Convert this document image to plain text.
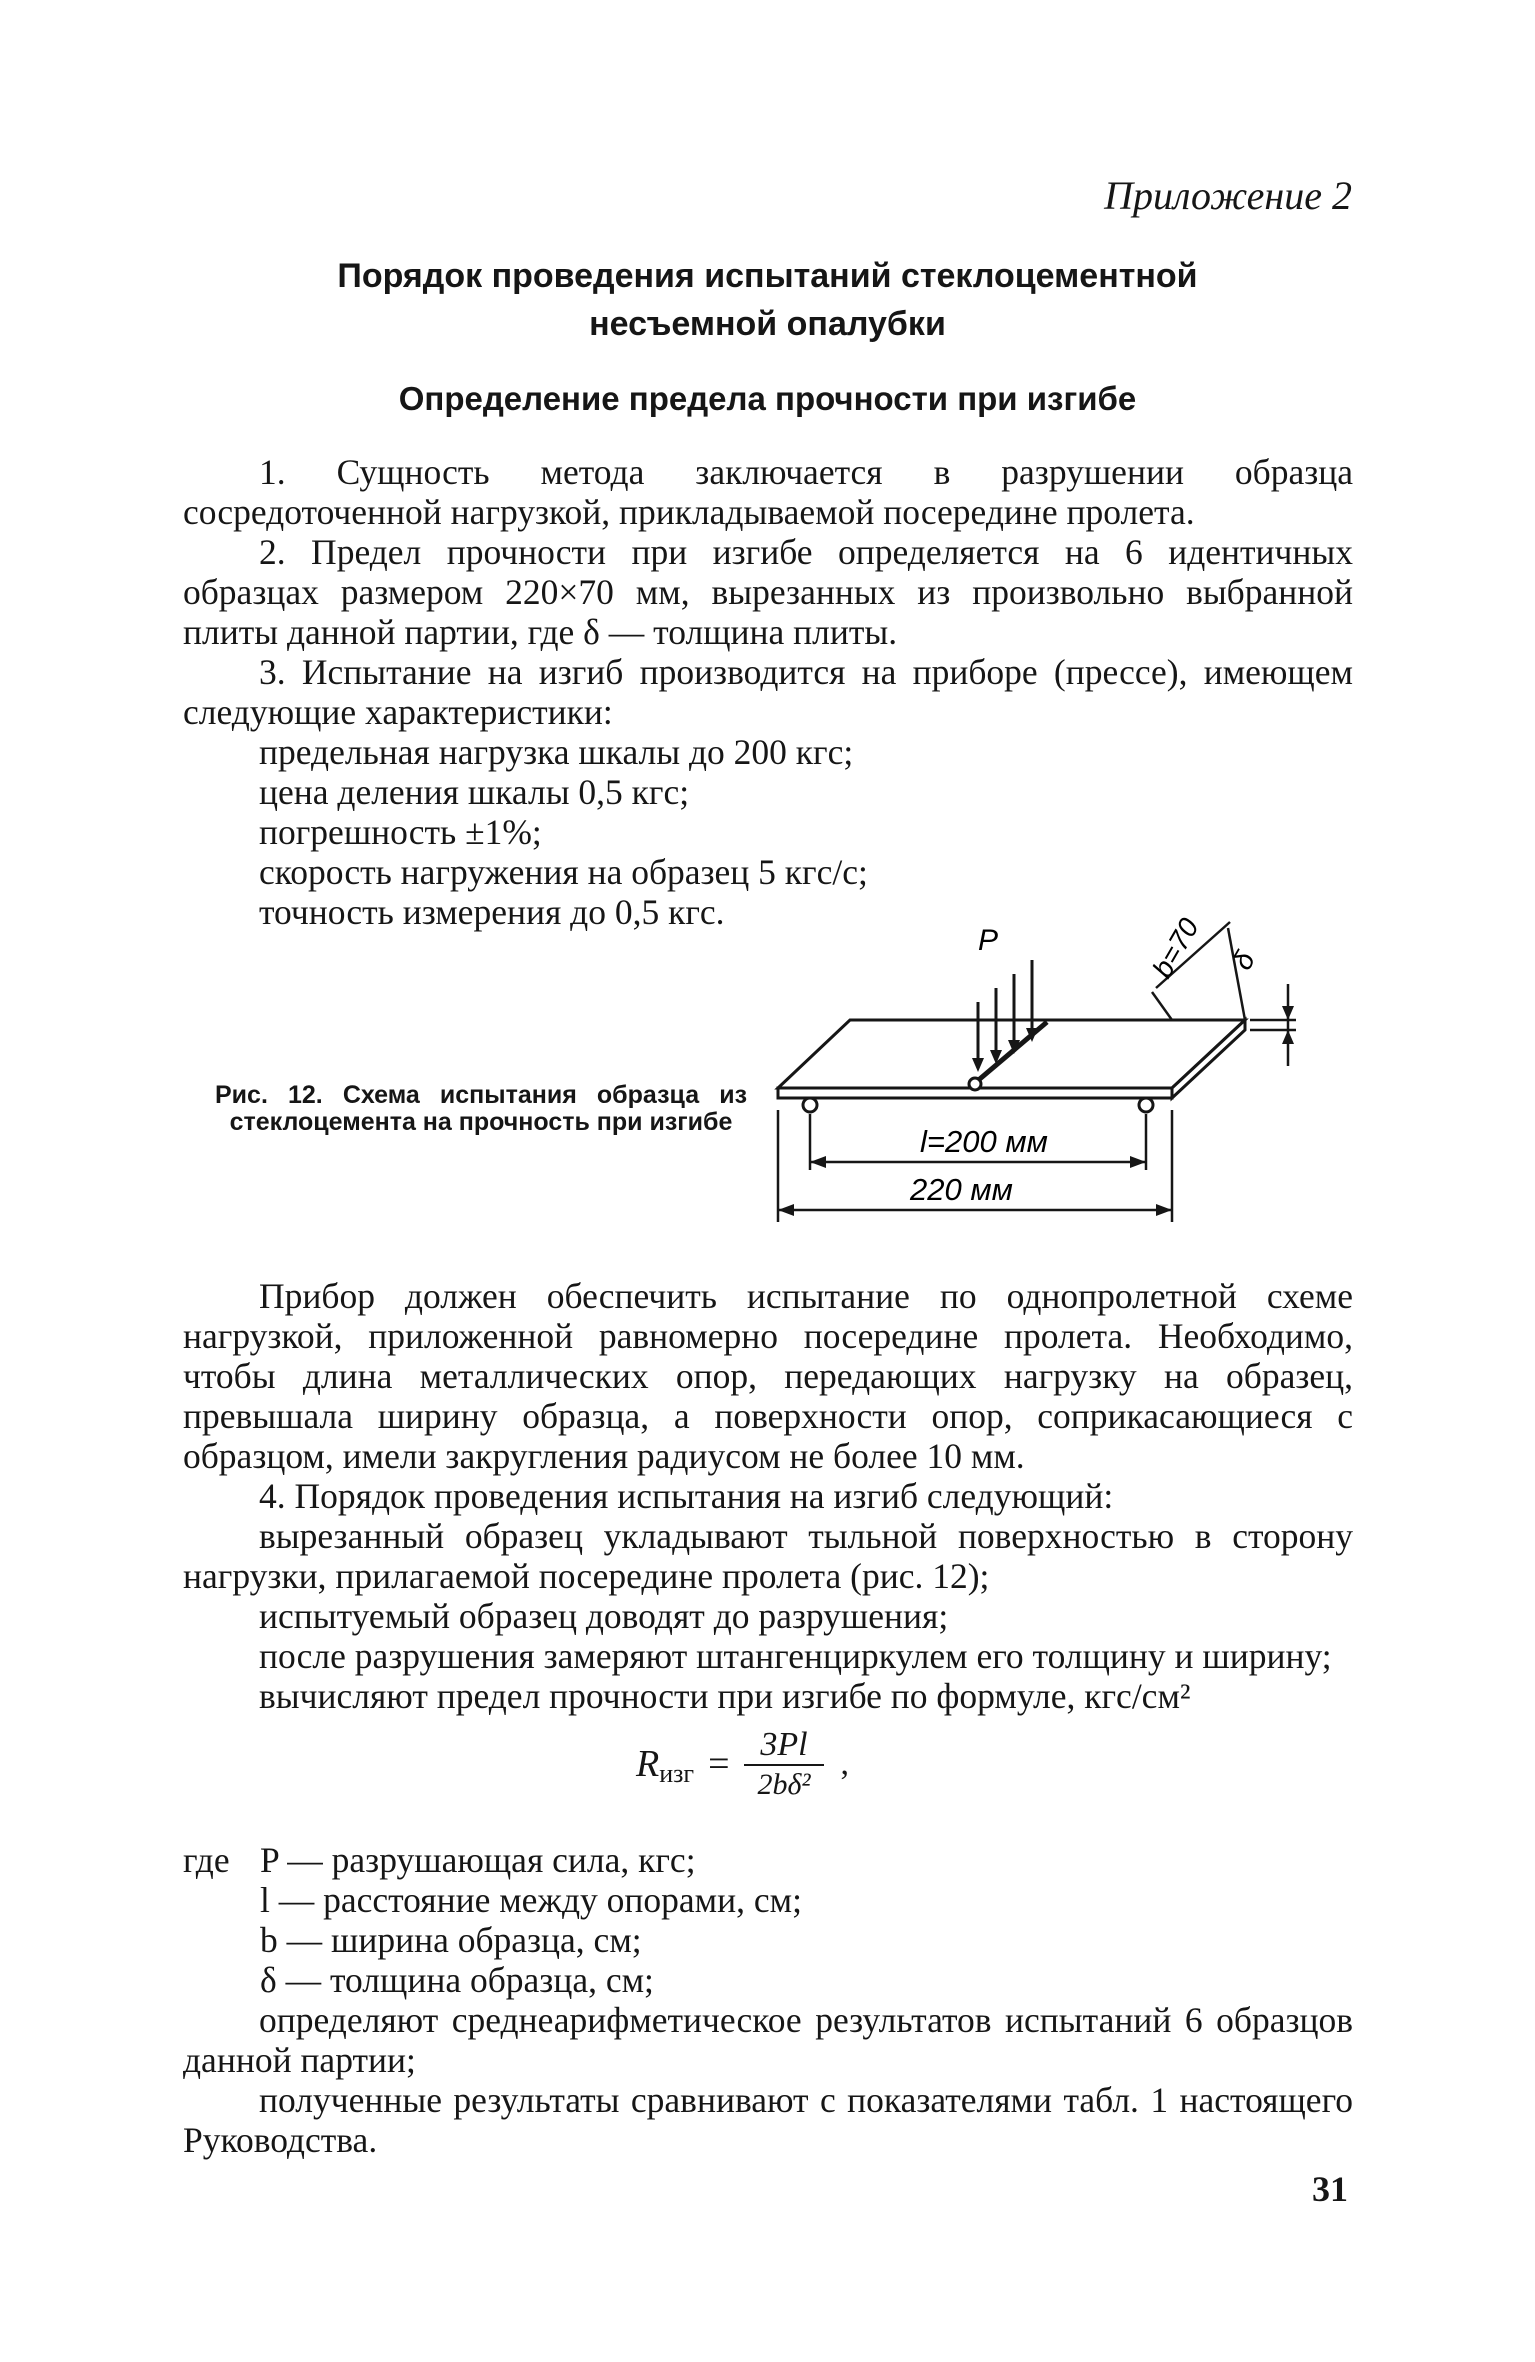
Приложение 2
Порядок проведения испытаний стеклоцементной
несъемной опалубки
Определение предела прочности при изгибе
1. Сущность метода заключается в разрушении образца сосредоточенной нагрузкой, прикладываемой посередине пролета.
2. Предел прочности при изгибе определяется на 6 идентичных образцах размером 220×70 мм, вырезанных из произвольно выбранной плиты данной партии, где δ — толщина плиты.
3. Испытание на изгиб производится на приборе (прессе), имеющем следующие характеристики:
предельная нагрузка шкалы до 200 кгс;
цена деления шкалы 0,5 кгс;
погрешность ±1%;
скорость нагружения на образец 5 кгс/с;
точность измерения до 0,5 кгс.
Рис. 12. Схема испытания образца из стеклоцемента на прочность при изгибе
P	b=70 δ
l=200 мм
220 мм
Прибор должен обеспечить испытание по однопролетной схеме нагрузкой, приложенной равномерно посередине пролета. Необходимо, чтобы длина металлических опор, передающих нагрузку на образец, превышала ширину образца, а поверхности опор, соприкасающиеся с образцом, имели закругления радиусом не более 10 мм.
4. Порядок проведения испытания на изгиб следующий:
вырезанный образец укладывают тыльной поверхностью в сторону нагрузки, прилагаемой посередине пролета (рис. 12);
испытуемый образец доводят до разрушения;
после разрушения замеряют штангенциркулем его толщину и ширину;
вычисляют предел прочности при изгибе по формуле, кгс/см²
R изг = $\frac{3Pl}{\text{2bδ²}}$ ,
где P — разрушающая сила, кгс;
l — расстояние между опорами, см;
b — ширина образца, см;
δ — толщина образца, см;
определяют среднеарифметическое результатов испытаний 6 образцов данной партии;
полученные результаты сравнивают с показателями табл. 1 настоящего Руководства.
31
